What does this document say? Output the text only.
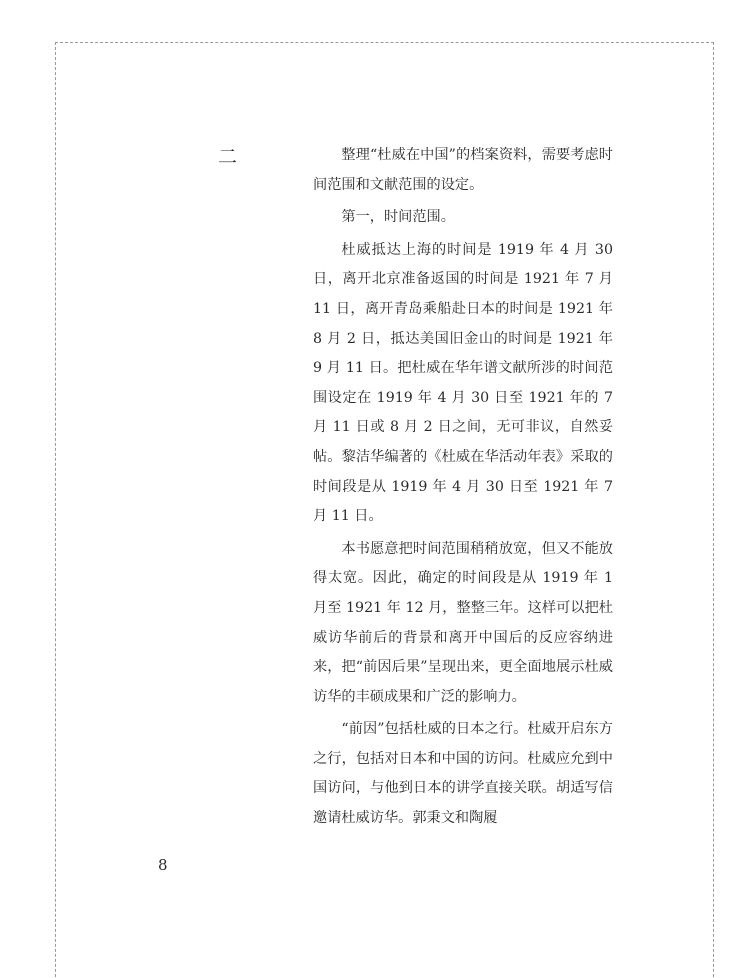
二	整理“杜威在中国”的档案资料，需要考虑时间范围和文献范围的设定。

第一，时间范围。

杜威抵达上海的时间是 1919 年 4 月 30 日，离开北京准备返国的时间是 1921 年 7 月 11 日，离开青岛乘船赴日本的时间是 1921 年 8 月 2 日，抵达美国旧金山的时间是 1921 年 9 月 11 日。把杜威在华年谱文献所涉的时间范围设定在 1919 年 4 月 30 日至 1921 年的 7 月 11 日或 8 月 2 日之间，无可非议，自然妥帖。黎洁华编著的《杜威在华活动年表》采取的时间段是从 1919 年 4 月 30 日至 1921 年 7 月 11 日。

本书愿意把时间范围稍稍放宽，但又不能放得太宽。因此，确定的时间段是从 1919 年 1 月至 1921 年 12 月，整整三年。这样可以把杜威访华前后的背景和离开中国后的反应容纳进来，把“前因后果”呈现出来，更全面地展示杜威访华的丰硕成果和广泛的影响力。

“前因”包括杜威的日本之行。杜威开启东方之行，包括对日本和中国的访问。杜威应允到中国访问，与他到日本的讲学直接关联。胡适写信邀请杜威访华。郭秉文和陶履

8
